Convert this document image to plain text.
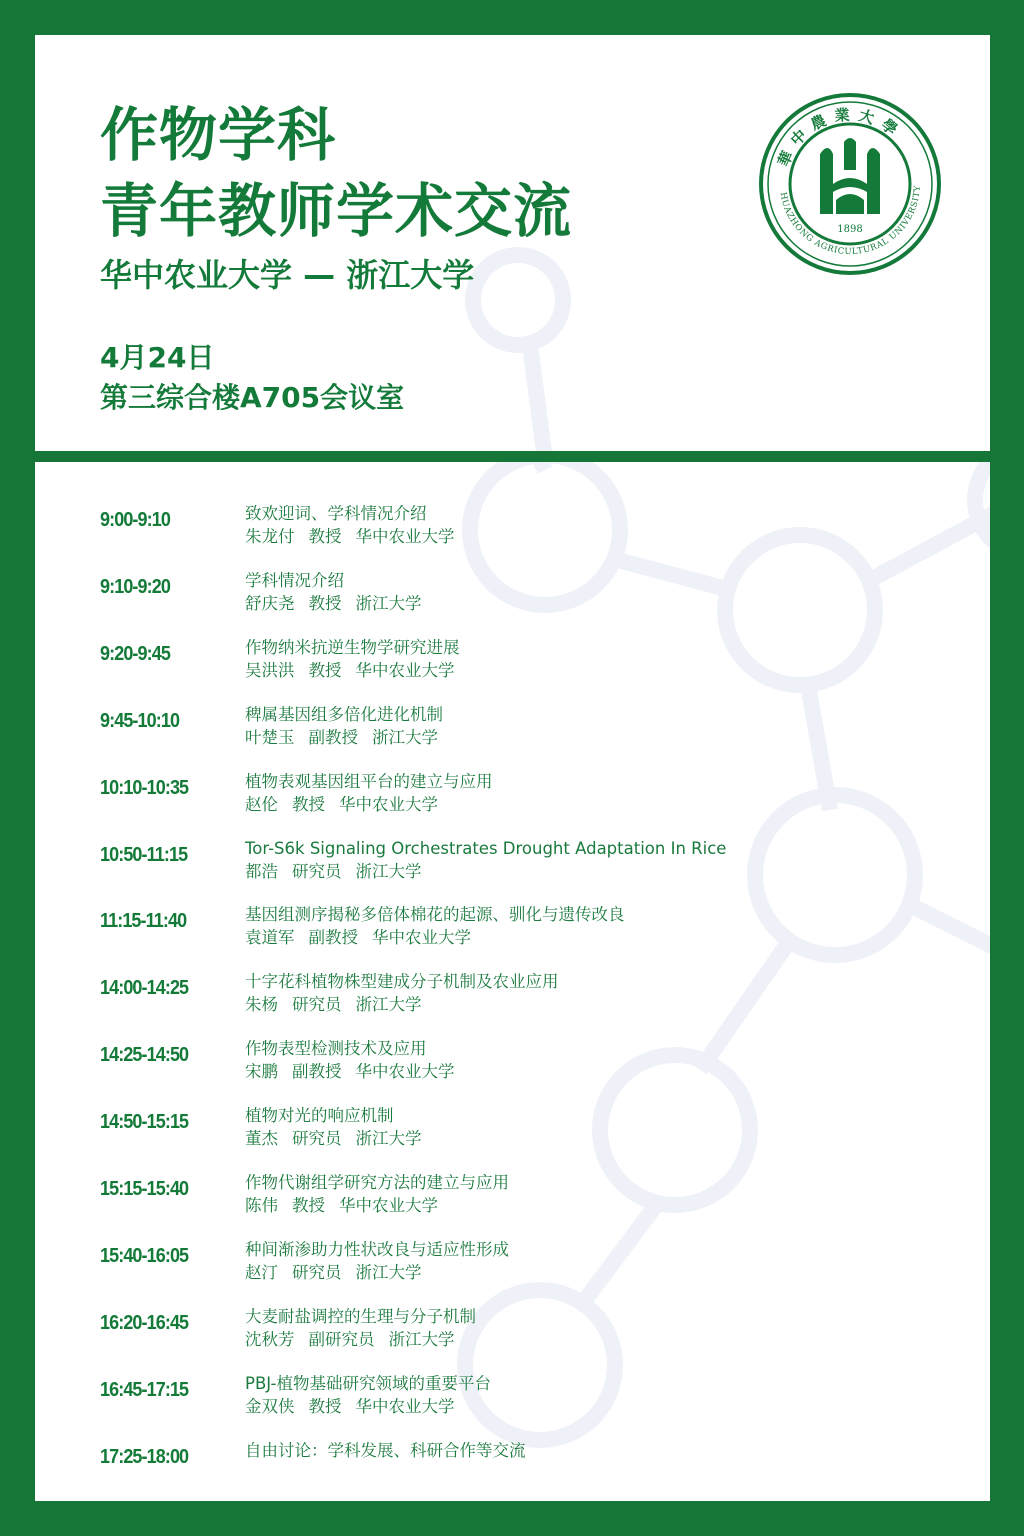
作物学科
青年教师学术交流
华中农业大学 — 浙江大学
4月24日
第三综合楼A705会议室
華中農業大學
HUAZHONG AGRICULTURAL UNIVERSITY
1898
9:00-9:10	致欢迎词、学科情况介绍
朱龙付 教授 华中农业大学
9:10-9:20	学科情况介绍
舒庆尧 教授 浙江大学
9:20-9:45	作物纳米抗逆生物学研究进展
吴洪洪 教授 华中农业大学
9:45-10:10	稗属基因组多倍化进化机制
叶楚玉 副教授 浙江大学
10:10-10:35	植物表观基因组平台的建立与应用
赵伦 教授 华中农业大学
10:50-11:15	Tor-S6k Signaling Orchestrates Drought Adaptation In Rice
都浩 研究员 浙江大学
11:15-11:40	基因组测序揭秘多倍体棉花的起源、驯化与遗传改良
袁道军 副教授 华中农业大学
14:00-14:25	十字花科植物株型建成分子机制及农业应用
朱杨 研究员 浙江大学
14:25-14:50	作物表型检测技术及应用
宋鹏 副教授 华中农业大学
14:50-15:15	植物对光的响应机制
董杰 研究员 浙江大学
15:15-15:40	作物代谢组学研究方法的建立与应用
陈伟 教授 华中农业大学
15:40-16:05	种间渐渗助力性状改良与适应性形成
赵汀 研究员 浙江大学
16:20-16:45	大麦耐盐调控的生理与分子机制
沈秋芳 副研究员 浙江大学
16:45-17:15	PBJ-植物基础研究领域的重要平台
金双侠 教授 华中农业大学
17:25-18:00	自由讨论：学科发展、科研合作等交流
